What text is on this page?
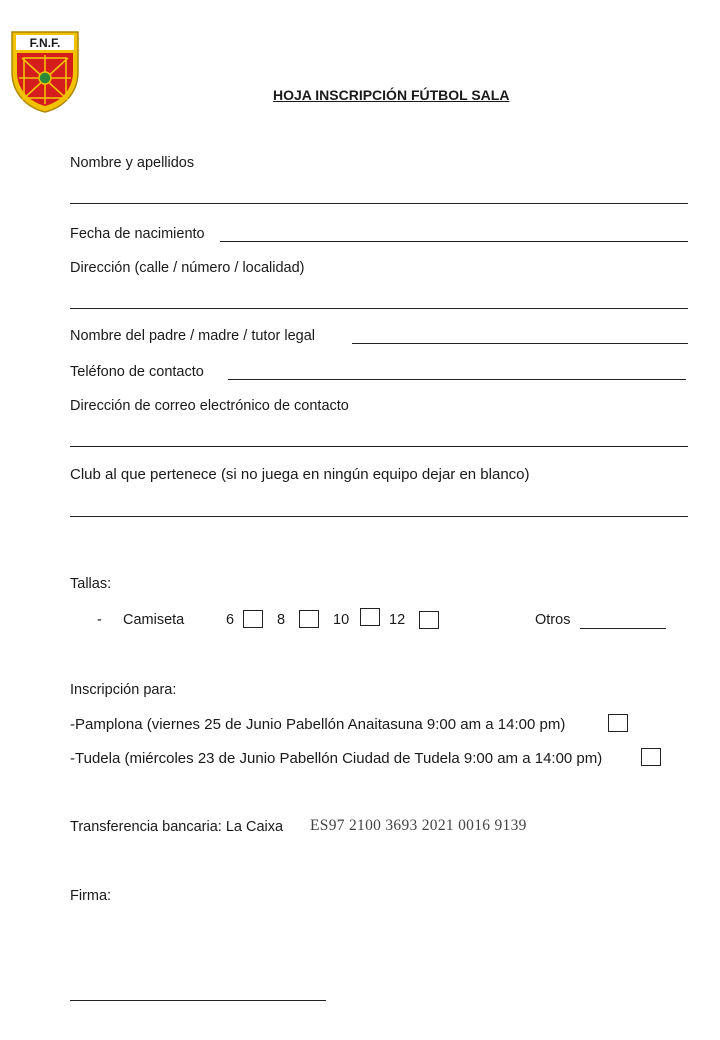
F.N.F.
HOJA INSCRIPCIÓN FÚTBOL SALA
Nombre y apellidos
Fecha de nacimiento
Dirección (calle / número / localidad)
Nombre del padre / madre / tutor legal
Teléfono de contacto
Dirección de correo electrónico de contacto
Club al que pertenece (si no juega en ningún equipo dejar en blanco)
Tallas:
- Camiseta	6	8	10	12	Otros
Inscripción para:
-Pamplona (viernes 25 de Junio Pabellón Anaitasuna 9:00 am a 14:00 pm)
-Tudela (miércoles 23 de Junio Pabellón Ciudad de Tudela 9:00 am a 14:00 pm)
Transferencia bancaria: La Caixa ES97 2100 3693 2021 0016 9139
Firma:
